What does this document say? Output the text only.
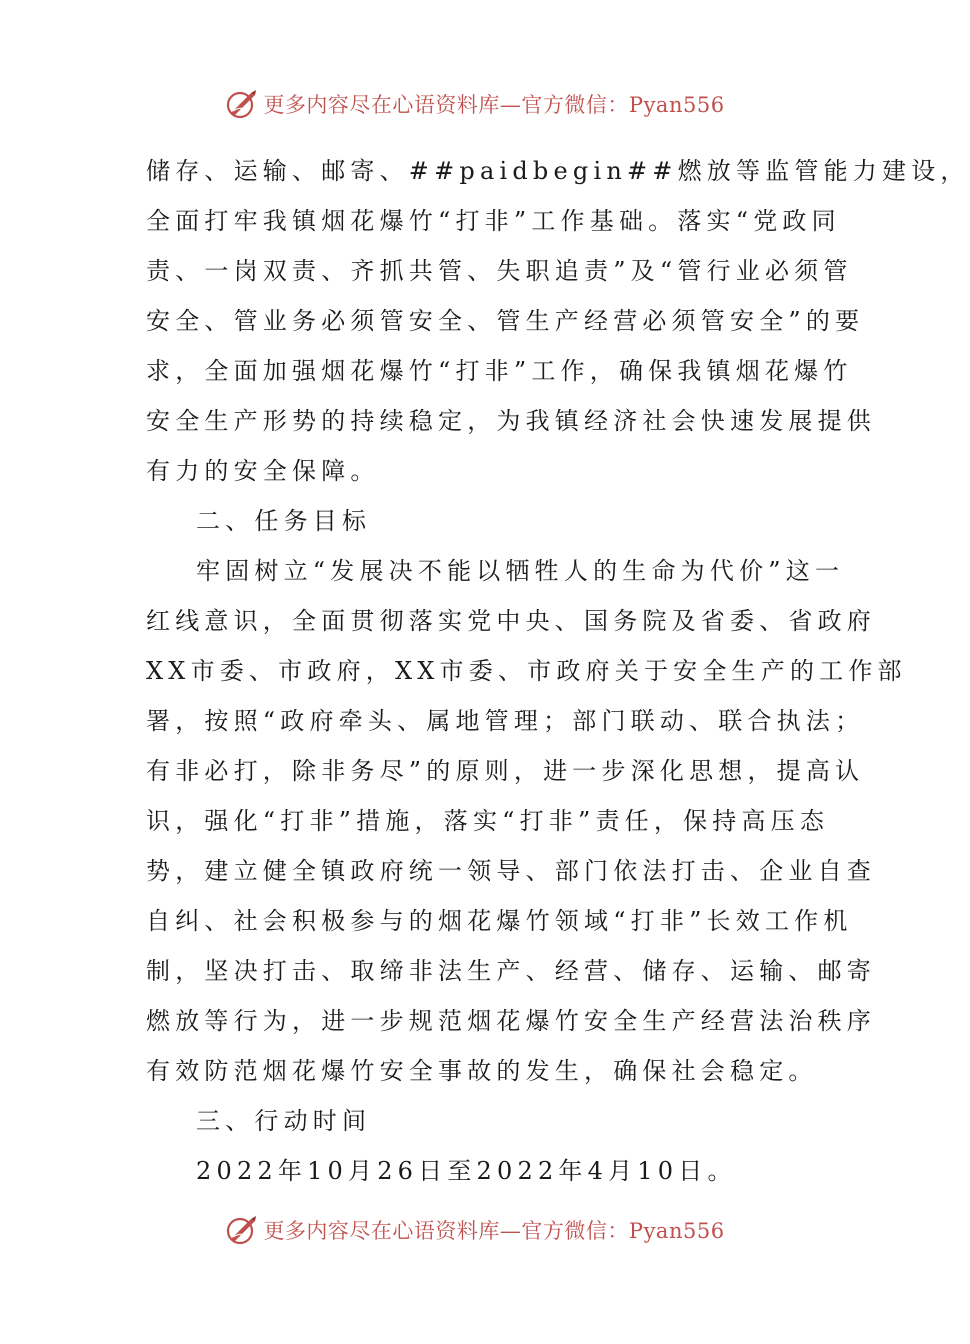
更多内容尽在心语资料库—官方微信：Pyan556
储存、运输、邮寄、##paidbegin##燃放等监管能力建设，
全面打牢我镇烟花爆竹“打非”工作基础。落实“党政同
责、一岗双责、齐抓共管、失职追责”及“管行业必须管
安全、管业务必须管安全、管生产经营必须管安全”的要
求，全面加强烟花爆竹“打非”工作，确保我镇烟花爆竹
安全生产形势的持续稳定，为我镇经济社会快速发展提供
有力的安全保障。
二、任务目标
牢固树立“发展决不能以牺牲人的生命为代价”这一
红线意识，全面贯彻落实党中央、国务院及省委、省政府
XX市委、市政府，XX市委、市政府关于安全生产的工作部
署，按照“政府牵头、属地管理；部门联动、联合执法；
有非必打，除非务尽”的原则，进一步深化思想，提高认
识，强化“打非”措施，落实“打非”责任，保持高压态
势，建立健全镇政府统一领导、部门依法打击、企业自查
自纠、社会积极参与的烟花爆竹领域“打非”长效工作机
制，坚决打击、取缔非法生产、经营、储存、运输、邮寄
燃放等行为，进一步规范烟花爆竹安全生产经营法治秩序
有效防范烟花爆竹安全事故的发生，确保社会稳定。
三、行动时间
2022年10月26日至2022年4月10日。
更多内容尽在心语资料库—官方微信：Pyan556
